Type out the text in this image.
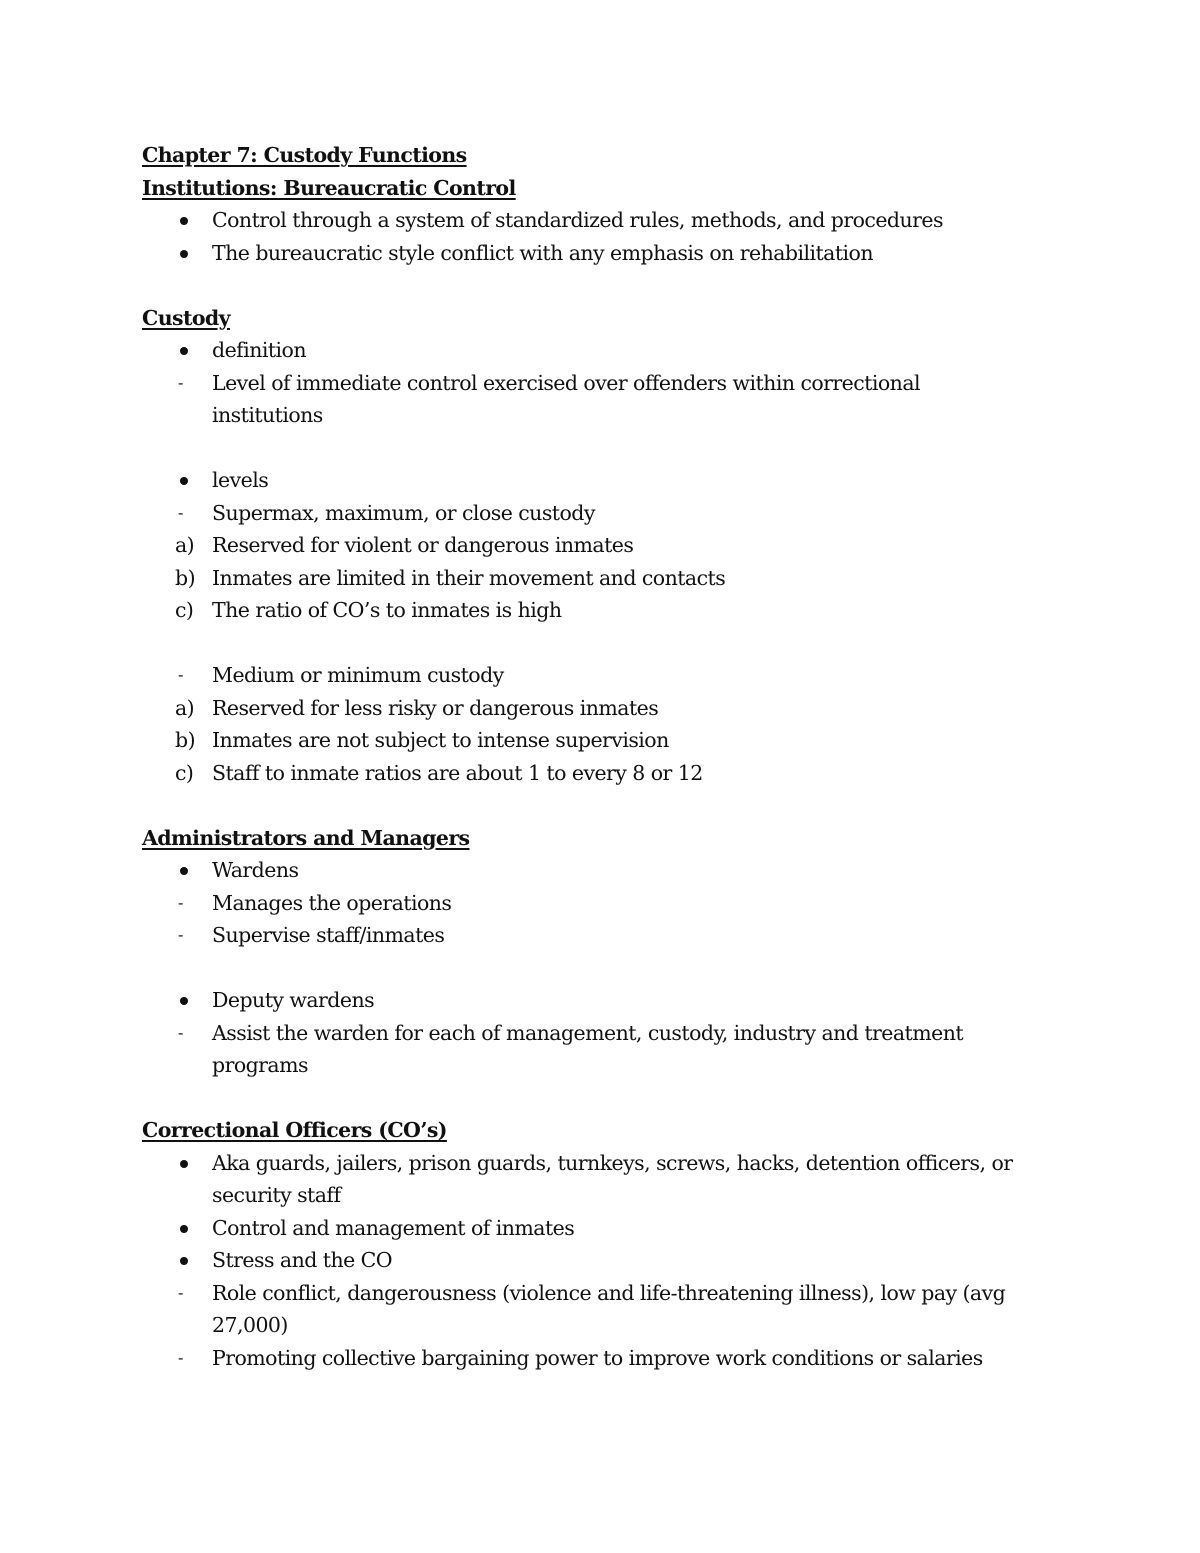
Chapter 7: Custody Functions
Institutions: Bureaucratic Control
Control through a system of standardized rules, methods, and procedures
The bureaucratic style conflict with any emphasis on rehabilitation
Custody
definition
-	Level of immediate control exercised over offenders within correctional
institutions
levels
-	Supermax, maximum, or close custody
a) Reserved for violent or dangerous inmates
b) Inmates are limited in their movement and contacts
c) The ratio of CO’s to inmates is high
-	Medium or minimum custody
a) Reserved for less risky or dangerous inmates
b) Inmates are not subject to intense supervision
c) Staff to inmate ratios are about 1 to every 8 or 12
Administrators and Managers
Wardens
-	Manages the operations
-	Supervise staff/inmates
Deputy wardens
-	Assist the warden for each of management, custody, industry and treatment
programs
Correctional Officers (CO’s)
Aka guards, jailers, prison guards, turnkeys, screws, hacks, detention officers, or
security staff
Control and management of inmates
Stress and the CO
-	Role conflict, dangerousness (violence and life-threatening illness), low pay (avg
27,000)
-	Promoting collective bargaining power to improve work conditions or salaries
